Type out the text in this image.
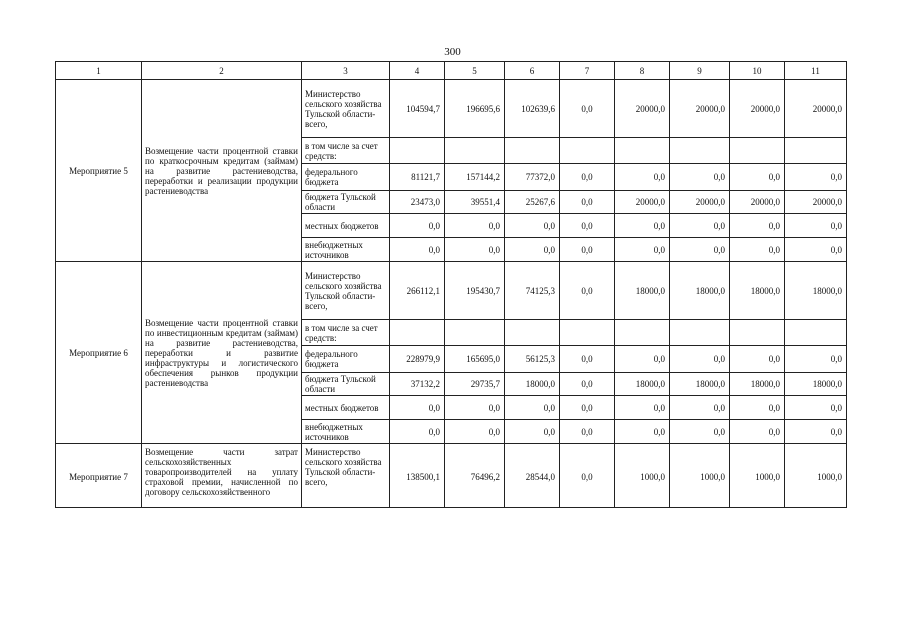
300
1	2	3	4	5	6	7	8	9	10	11
Мероприятие 5	Возмещение части процентной ставки по краткосрочным кредитам (займам) на развитие растениеводства, переработки и реализации продукции растениеводства	Министерство сельского хозяйства Тульской области-всего,	104594,7	196695,6	102639,6	0,0	20000,0	20000,0	20000,0	20000,0
		в том числе за счет средств:								
		федерального бюджета	81121,7	157144,2	77372,0	0,0	0,0	0,0	0,0	0,0
		бюджета Тульской области	23473,0	39551,4	25267,6	0,0	20000,0	20000,0	20000,0	20000,0
		местных бюджетов	0,0	0,0	0,0	0,0	0,0	0,0	0,0	0,0
		внебюджетных источников	0,0	0,0	0,0	0,0	0,0	0,0	0,0	0,0
Мероприятие 6	Возмещение части процентной ставки по инвестиционным кредитам (займам) на развитие растениеводства, переработки и развитие инфраструктуры и логистического обеспечения рынков продукции растениеводства	Министерство сельского хозяйства Тульской области-всего,	266112,1	195430,7	74125,3	0,0	18000,0	18000,0	18000,0	18000,0
		в том числе за счет средств:								
		федерального бюджета	228979,9	165695,0	56125,3	0,0	0,0	0,0	0,0	0,0
		бюджета Тульской области	37132,2	29735,7	18000,0	0,0	18000,0	18000,0	18000,0	18000,0
		местных бюджетов	0,0	0,0	0,0	0,0	0,0	0,0	0,0	0,0
		внебюджетных источников	0,0	0,0	0,0	0,0	0,0	0,0	0,0	0,0
Мероприятие 7	Возмещение части затрат сельскохозяйственных товаропроизводителей на уплату страховой премии, начисленной по договору сельскохозяйственного	Министерство сельского хозяйства Тульской области-всего,	138500,1	76496,2	28544,0	0,0	1000,0	1000,0	1000,0	1000,0
